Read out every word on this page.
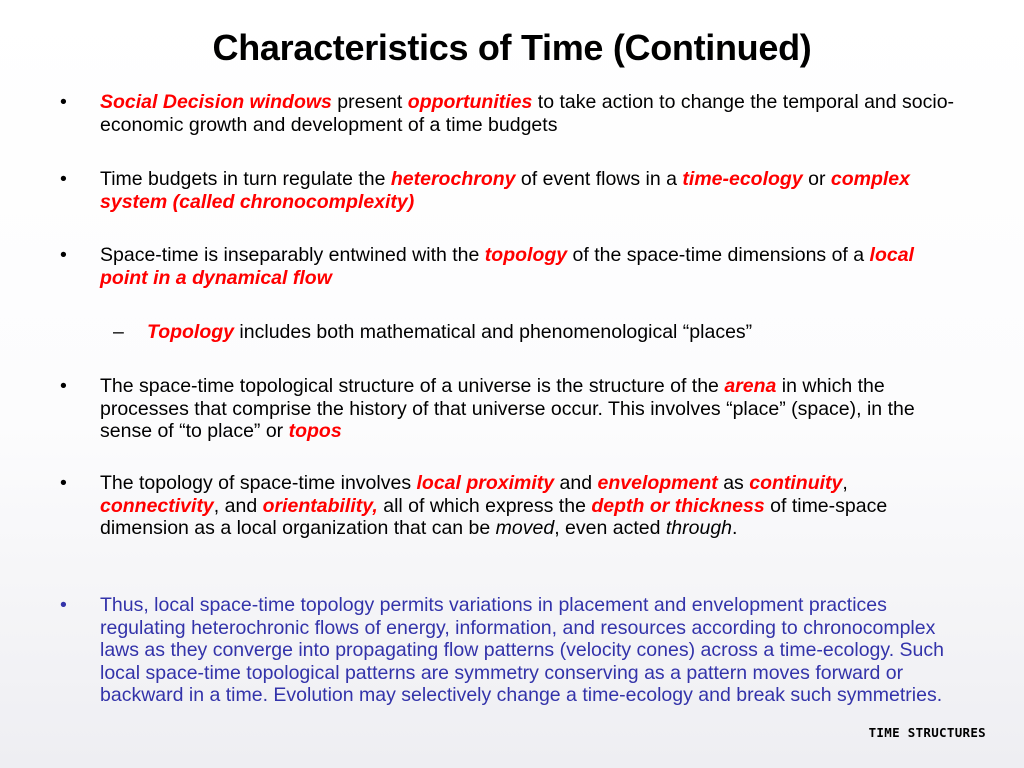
Characteristics of Time (Continued)
• Social Decision windows present opportunities to take action to change the temporal and socio-economic growth and development of a time budgets
• Time budgets in turn regulate the heterochrony of event flows in a time-ecology or complex system (called chronocomplexity)
• Space-time is inseparably entwined with the topology of the space-time dimensions of a local point in a dynamical flow
– Topology includes both mathematical and phenomenological “places”
• The space-time topological structure of a universe is the structure of the arena in which the processes that comprise the history of that universe occur. This involves “place” (space), in the sense of “to place” or topos
• The topology of space-time involves local proximity and envelopment as continuity, connectivity, and orientability, all of which express the depth or thickness of time-space dimension as a local organization that can be moved, even acted through.
• Thus, local space-time topology permits variations in placement and envelopment practices regulating heterochronic flows of energy, information, and resources according to chronocomplex laws as they converge into propagating flow patterns (velocity cones) across a time-ecology. Such local space-time topological patterns are symmetry conserving as a pattern moves forward or backward in a time. Evolution may selectively change a time-ecology and break such symmetries.
TIME STRUCTURES
